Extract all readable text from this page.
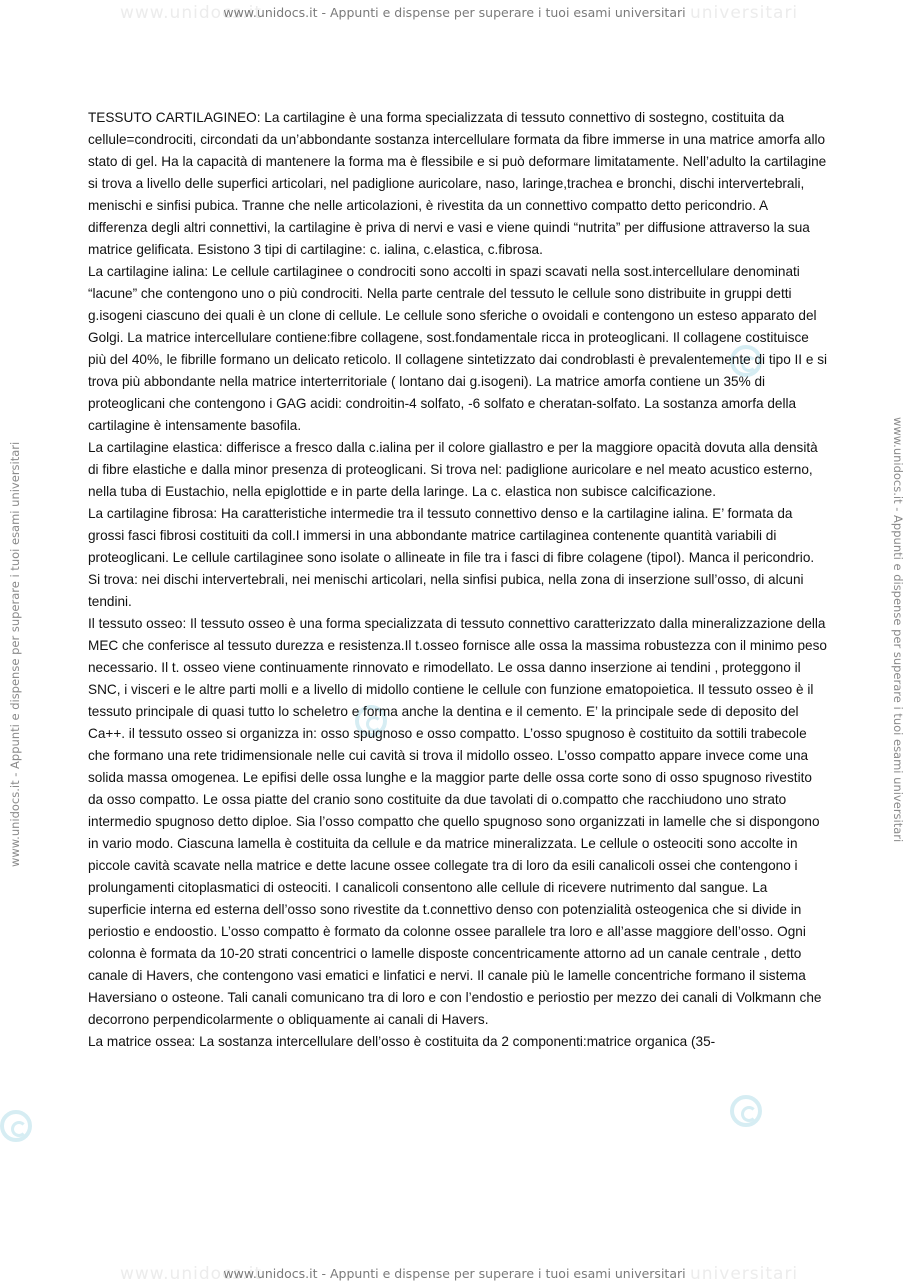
www.unidocs.it	universitari
www.unidocs.it	universitari
www.unidocs.it - Appunti e dispense per superare i tuoi esami universitari
www.unidocs.it - Appunti e dispense per superare i tuoi esami universitari
www.unidocs.it - Appunti e dispense per superare i tuoi esami universitari	www.unidocs.it - Appunti e dispense per superare i tuoi esami universitari

TESSUTO CARTILAGINEO: La cartilagine è una forma specializzata di tessuto connettivo di sostegno, costituita da cellule=condrociti, circondati da un’abbondante sostanza intercellulare formata da fibre immerse in una matrice amorfa allo stato di gel. Ha la capacità di mantenere la forma ma è flessibile e si può deformare limitatamente. Nell’adulto la cartilagine si trova a livello delle superfici articolari, nel padiglione auricolare, naso, laringe,trachea e bronchi, dischi intervertebrali, menischi e sinfisi pubica. Tranne che nelle articolazioni, è rivestita da un connettivo compatto detto pericondrio. A differenza degli altri connettivi, la cartilagine è priva di nervi e vasi e viene quindi “nutrita” per diffusione attraverso la sua matrice gelificata. Esistono 3 tipi di cartilagine: c. ialina, c.elastica, c.fibrosa.

La cartilagine ialina: Le cellule cartilaginee o condrociti sono accolti in spazi scavati nella sost.intercellulare denominati “lacune” che contengono uno o più condrociti. Nella parte centrale del tessuto le cellule sono distribuite in gruppi detti g.isogeni ciascuno dei quali è un clone di cellule. Le cellule sono sferiche o ovoidali e contengono un esteso apparato del Golgi. La matrice intercellulare contiene:fibre collagene, sost.fondamentale ricca in proteoglicani. Il collagene costituisce più del 40%, le fibrille formano un delicato reticolo. Il collagene sintetizzato dai condroblasti è prevalentemente di tipo II e si trova più abbondante nella matrice interterritoriale ( lontano dai g.isogeni). La matrice amorfa contiene un 35% di proteoglicani che contengono i GAG acidi: condroitin-4 solfato, -6 solfato e cheratan-solfato. La sostanza amorfa della cartilagine è intensamente basofila.

La cartilagine elastica: differisce a fresco dalla c.ialina per il colore giallastro e per la maggiore opacità dovuta alla densità di fibre elastiche e dalla minor presenza di proteoglicani. Si trova nel: padiglione auricolare e nel meato acustico esterno, nella tuba di Eustachio, nella epiglottide e in parte della laringe. La c. elastica non subisce calcificazione.

La cartilagine fibrosa: Ha caratteristiche intermedie tra il tessuto connettivo denso e la cartilagine ialina. E’ formata da grossi fasci fibrosi costituiti da coll.I immersi in una abbondante matrice cartilaginea contenente quantità variabili di proteoglicani. Le cellule cartilaginee sono isolate o allineate in file tra i fasci di fibre colagene (tipoI). Manca il pericondrio. Si trova: nei dischi intervertebrali, nei menischi articolari, nella sinfisi pubica, nella zona di inserzione sull’osso, di alcuni tendini.

Il tessuto osseo: Il tessuto osseo è una forma specializzata di tessuto connettivo caratterizzato dalla mineralizzazione della MEC che conferisce al tessuto durezza e resistenza.Il t.osseo fornisce alle ossa la massima robustezza con il minimo peso necessario. Il t. osseo viene continuamente rinnovato e rimodellato. Le ossa danno inserzione ai tendini , proteggono il SNC, i visceri e le altre parti molli e a livello di midollo contiene le cellule con funzione ematopoietica. Il tessuto osseo è il tessuto principale di quasi tutto lo scheletro e forma anche la dentina e il cemento. E’ la principale sede di deposito del Ca++. il tessuto osseo si organizza in: osso spugnoso e osso compatto. L’osso spugnoso è costituito da sottili trabecole che formano una rete tridimensionale nelle cui cavità si trova il midollo osseo. L’osso compatto appare invece come una solida massa omogenea. Le epifisi delle ossa lunghe e la maggior parte delle ossa corte sono di osso spugnoso rivestito da osso compatto. Le ossa piatte del cranio sono costituite da due tavolati di o.compatto che racchiudono uno strato intermedio spugnoso detto diploe. Sia l’osso compatto che quello spugnoso sono organizzati in lamelle che si dispongono in vario modo. Ciascuna lamella è costituita da cellule e da matrice mineralizzata. Le cellule o osteociti sono accolte in piccole cavità scavate nella matrice e dette lacune ossee collegate tra di loro da esili canalicoli ossei che contengono i prolungamenti citoplasmatici di osteociti. I canalicoli consentono alle cellule di ricevere nutrimento dal sangue. La superficie interna ed esterna dell’osso sono rivestite da t.connettivo denso con potenzialità osteogenica che si divide in periostio e endoostio. L’osso compatto è formato da colonne ossee parallele tra loro e all’asse maggiore dell’osso. Ogni colonna è formata da 10-20 strati concentrici o lamelle disposte concentricamente attorno ad un canale centrale , detto canale di Havers, che contengono vasi ematici e linfatici e nervi. Il canale più le lamelle concentriche formano il sistema Haversiano o osteone. Tali canali comunicano tra di loro e con l’endostio e periostio per mezzo dei canali di Volkmann che decorrono perpendicolarmente o obliquamente ai canali di Havers.

La matrice ossea: La sostanza intercellulare dell’osso è costituita da 2 componenti:matrice organica (35-
